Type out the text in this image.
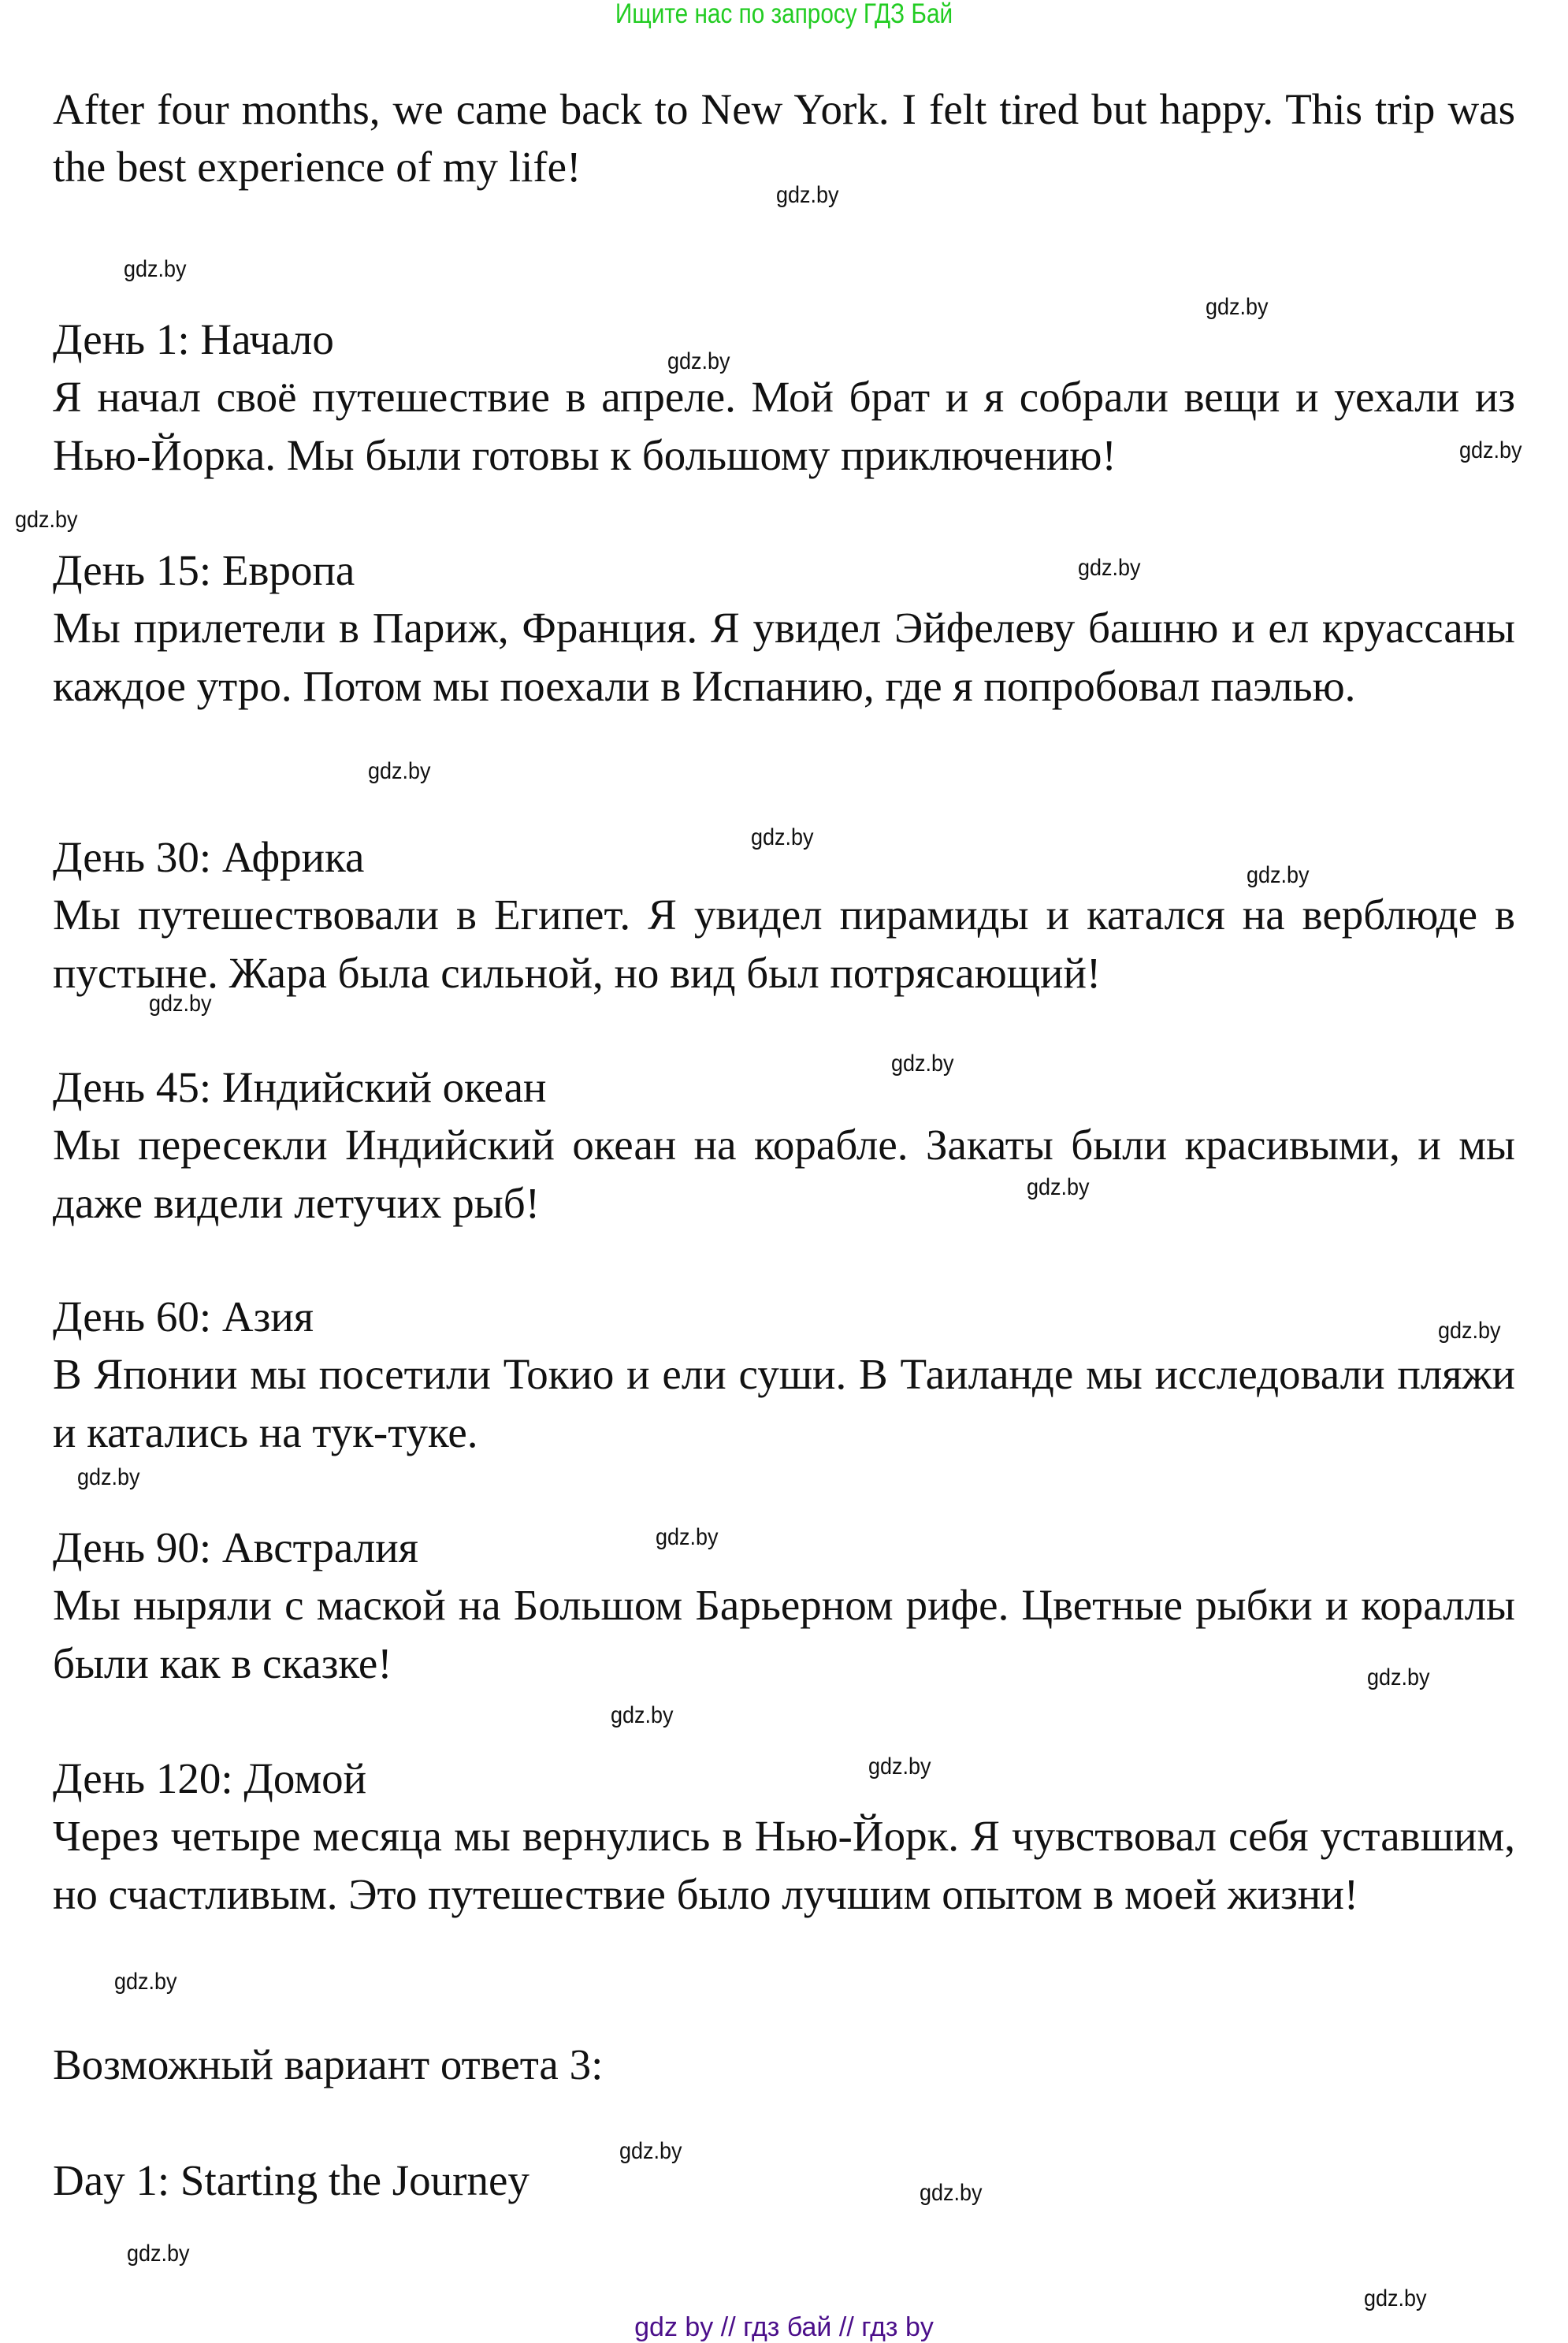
Ищите нас по запросу ГДЗ Бай

After four months, we came back to New York. I felt tired but happy. This trip was the best experience of my life!

День 1: Начало

Я начал своё путешествие в апреле. Мой брат и я собрали вещи и уехали из Нью-Йорка. Мы были готовы к большому приключению!

День 15: Европа

Мы прилетели в Париж, Франция. Я увидел Эйфелеву башню и ел круассаны каждое утро. Потом мы поехали в Испанию, где я попробовал паэлью.

День 30: Африка

Мы путешествовали в Египет. Я увидел пирамиды и катался на верблюде в пустыне. Жара была сильной, но вид был потрясающий!

День 45: Индийский океан

Мы пересекли Индийский океан на корабле. Закаты были красивыми, и мы даже видели летучих рыб!

День 60: Азия

В Японии мы посетили Токио и ели суши. В Таиланде мы исследовали пляжи и катались на тук-туке.

День 90: Австралия

Мы ныряли с маской на Большом Барьерном рифе. Цветные рыбки и кораллы были как в сказке!

День 120: Домой

Через четыре месяца мы вернулись в Нью-Йорк. Я чувствовал себя уставшим, но счастливым. Это путешествие было лучшим опытом в моей жизни!

Возможный вариант ответа 3:

Day 1: Starting the Journey

gdz.by
gdz.by
gdz.by
gdz.by
gdz.by
gdz.by
gdz.by
gdz.by
gdz.by
gdz.by
gdz.by
gdz.by
gdz.by
gdz.by
gdz.by
gdz.by
gdz.by
gdz.by
gdz.by
gdz.by
gdz.by
gdz.by
gdz.by
gdz.by
gdz by // гдз бай // гдз by
